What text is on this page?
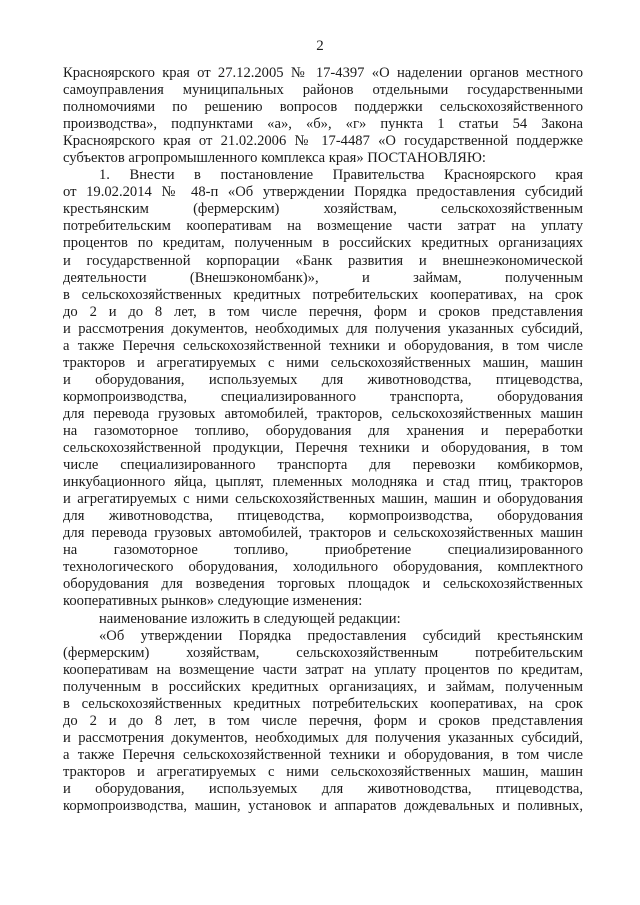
2
Красноярского края от 27.12.2005 № 17-4397 «О наделении органов местного
самоуправления муниципальных районов отдельными государственными
полномочиями по решению вопросов поддержки сельскохозяйственного
производства», подпунктами «а», «б», «г» пункта 1 статьи 54 Закона
Красноярского края от 21.02.2006 № 17-4487 «О государственной поддержке
субъектов агропромышленного комплекса края» ПОСТАНОВЛЯЮ:
1. Внести в постановление Правительства Красноярского края
от 19.02.2014 № 48-п «Об утверждении Порядка предоставления субсидий
крестьянским (фермерским) хозяйствам, сельскохозяйственным
потребительским кооперативам на возмещение части затрат на уплату
процентов по кредитам, полученным в российских кредитных организациях
и государственной корпорации «Банк развития и внешнеэкономической
деятельности (Внешэкономбанк)», и займам, полученным
в сельскохозяйственных кредитных потребительских кооперативах, на срок
до 2 и до 8 лет, в том числе перечня, форм и сроков представления
и рассмотрения документов, необходимых для получения указанных субсидий,
а также Перечня сельскохозяйственной техники и оборудования, в том числе
тракторов и агрегатируемых с ними сельскохозяйственных машин, машин
и оборудования, используемых для животноводства, птицеводства,
кормопроизводства, специализированного транспорта, оборудования
для перевода грузовых автомобилей, тракторов, сельскохозяйственных машин
на газомоторное топливо, оборудования для хранения и переработки
сельскохозяйственной продукции, Перечня техники и оборудования, в том
числе специализированного транспорта для перевозки комбикормов,
инкубационного яйца, цыплят, племенных молодняка и стад птиц, тракторов
и агрегатируемых с ними сельскохозяйственных машин, машин и оборудования
для животноводства, птицеводства, кормопроизводства, оборудования
для перевода грузовых автомобилей, тракторов и сельскохозяйственных машин
на газомоторное топливо, приобретение специализированного
технологического оборудования, холодильного оборудования, комплектного
оборудования для возведения торговых площадок и сельскохозяйственных
кооперативных рынков» следующие изменения:
наименование изложить в следующей редакции:
«Об утверждении Порядка предоставления субсидий крестьянским
(фермерским) хозяйствам, сельскохозяйственным потребительским
кооперативам на возмещение части затрат на уплату процентов по кредитам,
полученным в российских кредитных организациях, и займам, полученным
в сельскохозяйственных кредитных потребительских кооперативах, на срок
до 2 и до 8 лет, в том числе перечня, форм и сроков представления
и рассмотрения документов, необходимых для получения указанных субсидий,
а также Перечня сельскохозяйственной техники и оборудования, в том числе
тракторов и агрегатируемых с ними сельскохозяйственных машин, машин
и оборудования, используемых для животноводства, птицеводства,
кормопроизводства, машин, установок и аппаратов дождевальных и поливных,
